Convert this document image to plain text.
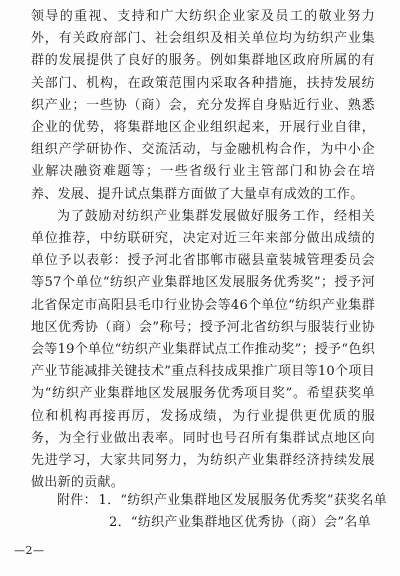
领导的重视、支持和广大纺织企业家及员工的敬业努力外，有关政府部门、社会组织及相关单位均为纺织产业集群的发展提供了良好的服务。例如集群地区政府所属的有关部门、机构，在政策范围内采取各种措施，扶持发展纺织产业；一些协（商）会，充分发挥自身贴近行业、熟悉企业的优势，将集群地区企业组织起来，开展行业自律，组织产学研协作、交流活动，与金融机构合作，为中小企业解决融资难题等；一些省级行业主管部门和协会在培养、发展、提升试点集群方面做了大量卓有成效的工作。

为了鼓励对纺织产业集群发展做好服务工作，经相关单位推荐，中纺联研究，决定对近三年来部分做出成绩的单位予以表彰：授予河北省邯郸市磁县童装城管理委员会等57个单位“纺织产业集群地区发展服务优秀奖”；授予河北省保定市高阳县毛巾行业协会等46个单位“纺织产业集群地区优秀协（商）会”称号；授予河北省纺织与服装行业协会等19个单位“纺织产业集群试点工作推动奖”；授予“色织产业节能减排关键技术”重点科技成果推广项目等10个项目为“纺织产业集群地区发展服务优秀项目奖”。希望获奖单位和机构再接再厉，发扬成绩，为行业提供更优质的服务，为全行业做出表率。同时也号召所有集群试点地区向先进学习，大家共同努力，为纺织产业集群经济持续发展做出新的贡献。

附件： 1．“纺织产业集群地区发展服务优秀奖”获奖名单
2．“纺织产业集群地区优秀协（商）会”名单
—2—
